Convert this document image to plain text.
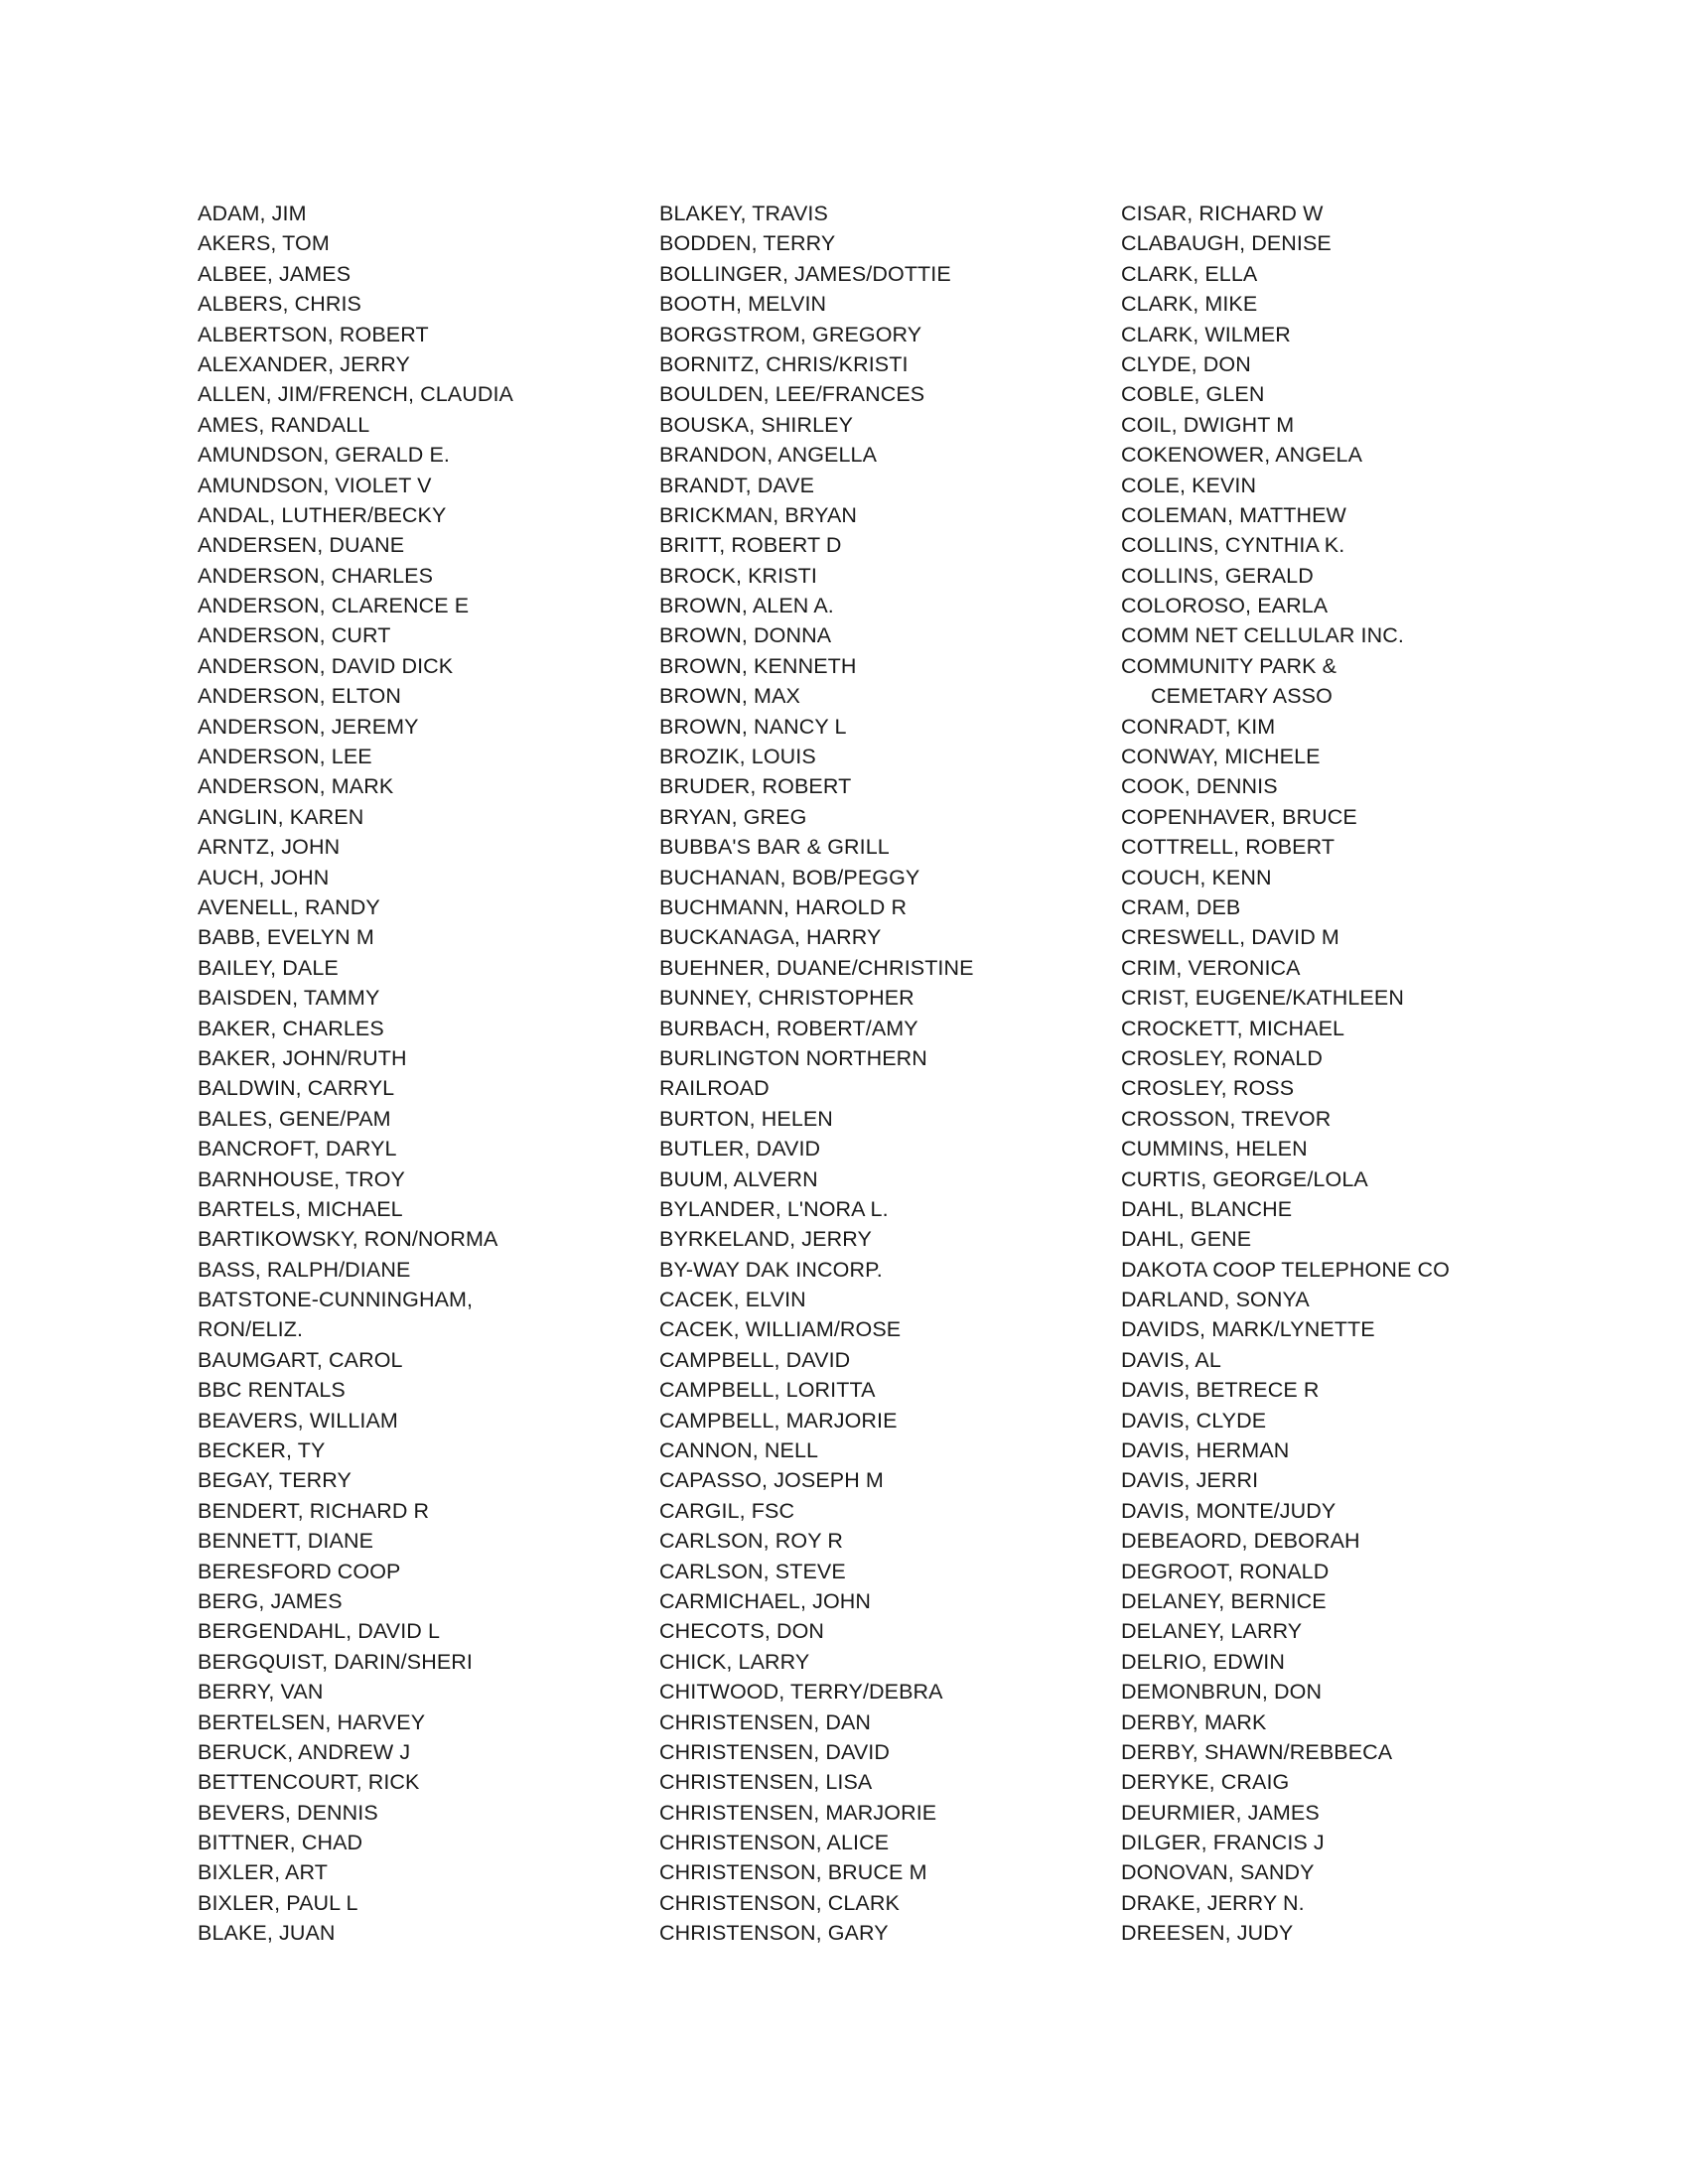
ADAM, JIM
AKERS, TOM
ALBEE, JAMES
ALBERS, CHRIS
ALBERTSON, ROBERT
ALEXANDER, JERRY
ALLEN, JIM/FRENCH, CLAUDIA
AMES, RANDALL
AMUNDSON, GERALD E.
AMUNDSON, VIOLET V
ANDAL, LUTHER/BECKY
ANDERSEN, DUANE
ANDERSON, CHARLES
ANDERSON, CLARENCE E
ANDERSON, CURT
ANDERSON, DAVID DICK
ANDERSON, ELTON
ANDERSON, JEREMY
ANDERSON, LEE
ANDERSON, MARK
ANGLIN, KAREN
ARNTZ, JOHN
AUCH, JOHN
AVENELL, RANDY
BABB, EVELYN M
BAILEY, DALE
BAISDEN, TAMMY
BAKER, CHARLES
BAKER, JOHN/RUTH
BALDWIN, CARRYL
BALES, GENE/PAM
BANCROFT, DARYL
BARNHOUSE, TROY
BARTELS, MICHAEL
BARTIKOWSKY, RON/NORMA
BASS, RALPH/DIANE
BATSTONE-CUNNINGHAM,
RON/ELIZ.
BAUMGART, CAROL
BBC RENTALS
BEAVERS, WILLIAM
BECKER, TY
BEGAY, TERRY
BENDERT, RICHARD R
BENNETT, DIANE
BERESFORD COOP
BERG, JAMES
BERGENDAHL, DAVID L
BERGQUIST, DARIN/SHERI
BERRY, VAN
BERTELSEN, HARVEY
BERUCK, ANDREW J
BETTENCOURT, RICK
BEVERS, DENNIS
BITTNER, CHAD
BIXLER, ART
BIXLER, PAUL L
BLAKE, JUAN
BLAKEY, TRAVIS
BODDEN, TERRY
BOLLINGER, JAMES/DOTTIE
BOOTH, MELVIN
BORGSTROM, GREGORY
BORNITZ, CHRIS/KRISTI
BOULDEN, LEE/FRANCES
BOUSKA, SHIRLEY
BRANDON, ANGELLA
BRANDT, DAVE
BRICKMAN, BRYAN
BRITT, ROBERT D
BROCK, KRISTI
BROWN, ALEN A.
BROWN, DONNA
BROWN, KENNETH
BROWN, MAX
BROWN, NANCY L
BROZIK, LOUIS
BRUDER, ROBERT
BRYAN, GREG
BUBBA'S BAR & GRILL
BUCHANAN, BOB/PEGGY
BUCHMANN, HAROLD R
BUCKANAGA, HARRY
BUEHNER, DUANE/CHRISTINE
BUNNEY, CHRISTOPHER
BURBACH, ROBERT/AMY
BURLINGTON NORTHERN
RAILROAD
BURTON, HELEN
BUTLER, DAVID
BUUM, ALVERN
BYLANDER, L'NORA L.
BYRKELAND, JERRY
BY-WAY DAK INCORP.
CACEK, ELVIN
CACEK, WILLIAM/ROSE
CAMPBELL, DAVID
CAMPBELL, LORITTA
CAMPBELL, MARJORIE
CANNON, NELL
CAPASSO, JOSEPH M
CARGIL, FSC
CARLSON, ROY R
CARLSON, STEVE
CARMICHAEL, JOHN
CHECOTS, DON
CHICK, LARRY
CHITWOOD, TERRY/DEBRA
CHRISTENSEN, DAN
CHRISTENSEN, DAVID
CHRISTENSEN, LISA
CHRISTENSEN, MARJORIE
CHRISTENSON, ALICE
CHRISTENSON, BRUCE M
CHRISTENSON, CLARK
CHRISTENSON, GARY
CISAR, RICHARD W
CLABAUGH, DENISE
CLARK, ELLA
CLARK, MIKE
CLARK, WILMER
CLYDE, DON
COBLE, GLEN
COIL, DWIGHT M
COKENOWER, ANGELA
COLE, KEVIN
COLEMAN, MATTHEW
COLLINS, CYNTHIA K.
COLLINS, GERALD
COLOROSO, EARLA
COMM NET CELLULAR INC.
COMMUNITY PARK &
CEMETARY ASSO
CONRADT, KIM
CONWAY, MICHELE
COOK, DENNIS
COPENHAVER, BRUCE
COTTRELL, ROBERT
COUCH, KENN
CRAM, DEB
CRESWELL, DAVID M
CRIM, VERONICA
CRIST, EUGENE/KATHLEEN
CROCKETT, MICHAEL
CROSLEY, RONALD
CROSLEY, ROSS
CROSSON, TREVOR
CUMMINS, HELEN
CURTIS, GEORGE/LOLA
DAHL, BLANCHE
DAHL, GENE
DAKOTA COOP TELEPHONE CO
DARLAND, SONYA
DAVIDS, MARK/LYNETTE
DAVIS, AL
DAVIS, BETRECE R
DAVIS, CLYDE
DAVIS, HERMAN
DAVIS, JERRI
DAVIS, MONTE/JUDY
DEBEAORD, DEBORAH
DEGROOT, RONALD
DELANEY, BERNICE
DELANEY, LARRY
DELRIO, EDWIN
DEMONBRUN, DON
DERBY, MARK
DERBY, SHAWN/REBBECA
DERYKE, CRAIG
DEURMIER, JAMES
DILGER, FRANCIS J
DONOVAN, SANDY
DRAKE, JERRY N.
DREESEN, JUDY
